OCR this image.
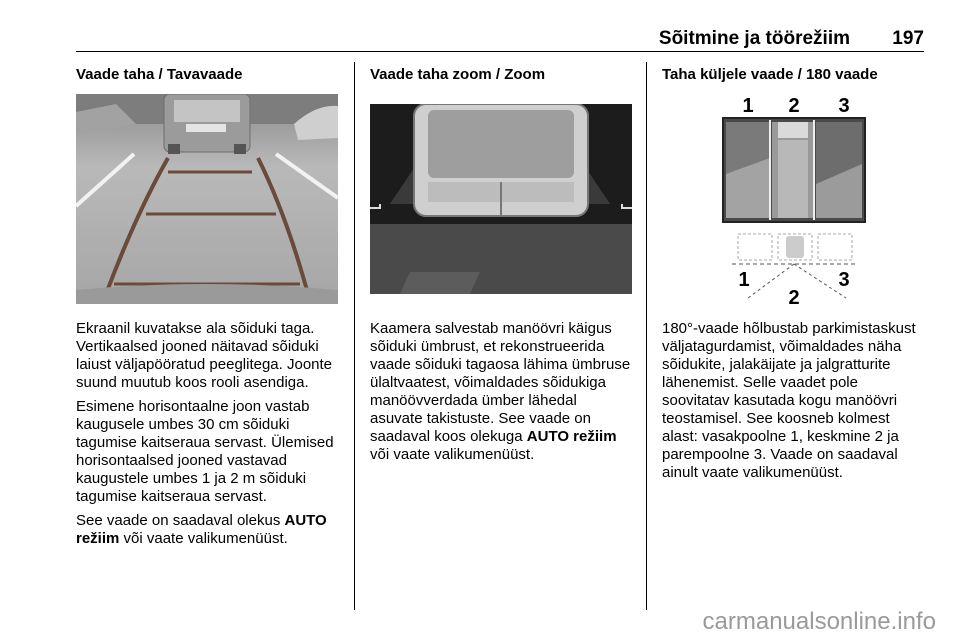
Sõitmine ja töörežiim 197
Vaade taha / Tavavaade

Ekraanil kuvatakse ala sõiduki taga. Vertikaalsed jooned näitavad sõiduki laiust väljapööratud peeglitega. Joonte suund muutub koos rooli asendiga.

Esimene horisontaalne joon vastab kaugusele umbes 30 cm sõiduki tagumise kaitseraua servast. Ülemised horisontaalsed jooned vastavad kaugustele umbes 1 ja 2 m sõiduki tagumise kaitseraua servast.

See vaade on saadaval olekus AUTO režiim või vaate valikumenüüst.

Vaade taha zoom / Zoom

Kaamera salvestab manöövri käigus sõiduki ümbrust, et rekonstrueerida vaade sõiduki tagaosa lähima ümbruse ülaltvaatest, võimaldades sõidukiga manöövverdada ümber lähedal asuvate takistuste. See vaade on saadaval koos olekuga AUTO režiim või vaate valikumenüüst.

Taha küljele vaade / 180 vaade
1 2 3
1
2
3

180°-vaade hõlbustab parkimistaskust väljatagurdamist, võimaldades näha sõidukite, jalakäijate ja jalgratturite lähenemist. Selle vaadet pole soovitatav kasutada kogu manöövri teostamisel. See koosneb kolmest alast: vasakpoolne 1, keskmine 2 ja parempoolne 3. Vaade on saadaval ainult vaate valikumenüüst.

carmanualsonline.info
